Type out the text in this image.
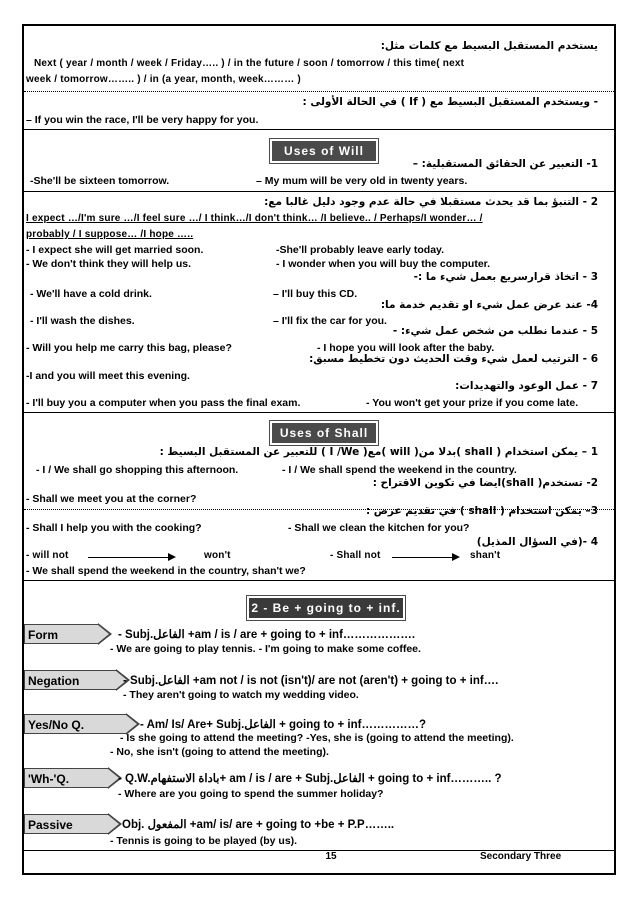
يستخدم المستقبل البسيط مع كلمات مثل:
Next ( year / month / week / Friday….. ) / in the future / soon / tomorrow / this time( next
week / tomorrow…….. ) / in (a year, month, week……… )
- ويستخدم المستقبل البسيط مع ( If ) في الحالة الأولى :
– If you win the race, I'll be very happy for you.
Uses of Will
1- التعبير عن الحقائق المستقبلية: –
-She'll be sixteen tomorrow.	– My mum will be very old in twenty years.
2 - التنبؤ بما قد يحدث مستقبلا في حالة عدم وجود دليل غالبا مع:
I expect …/I'm sure …/I feel sure …/ I think…/I don't think… /I believe.. / Perhaps/I wonder… /
probably / I suppose… /I hope …..
- I expect she will get married soon.	-She'll probably leave early today.
- We don't think they will help us.	- I wonder when you will buy the computer.
3 - اتخاذ قرارسريع بعمل شيء ما :-
- We'll have a cold drink.	– I'll buy this CD.
4- عند عرض عمل شيء او تقديم خدمة ما:
- I'll wash the dishes.	– I'll fix the car for you.
5 - عندما نطلب من شخص عمل شيء: -
- Will you help me carry this bag, please?	- I hope you will look after the baby.
6 - الترتيب لعمل شيء وقت الحديث دون تخطيط مسبق:
-I and you will meet this evening.
7 - عمل الوعود والتهديدات:
- I'll buy you a computer when you pass the final exam.	- You won't get your prize if you come late.
Uses of Shall
1 – يمكن استخدام ( shall )بدلا من( will )مع( I /We ) للتعبير عن المستقبل البسيط :
- I / We shall go shopping this afternoon.	- I / We shall spend the weekend in the country.
2- تستخدم( shall)ايضا في تكوين الاقتراح :
- Shall we meet you at the corner?
3– يمكن استخدام ( shall ) في تقديم عرض :
- Shall I help you with the cooking?	- Shall we clean the kitchen for you?
4 -(في السؤال المذيل)
- will not	won't	- Shall not	shan't
- We shall spend the weekend in the country, shan't we?
2 - Be + going to + inf.
Form	- Subj.الفاعل +am / is / are + going to + inf……………….
- We are going to play tennis. - I'm going to make some coffee.
Negation	- Subj.الفاعل +am not / is not (isn't)/ are not (aren't) + going to + inf….
- They aren't going to watch my wedding video.
Yes/No Q.	- Am/ Is/ Are+ Subj.الفاعل + going to + inf……………?
- Is she going to attend the meeting? -Yes, she is (going to attend the meeting).
- No, she isn't (going to attend the meeting).
'Wh-'Q.	- Q.W.باداة الاستفهام+ am / is / are + Subj.الفاعل + going to + inf……….. ?
- Where are you going to spend the summer holiday?
Passive	Obj. المفعول +am/ is/ are + going to +be + P.P……..
- Tennis is going to be played (by us).
15	Secondary Three
